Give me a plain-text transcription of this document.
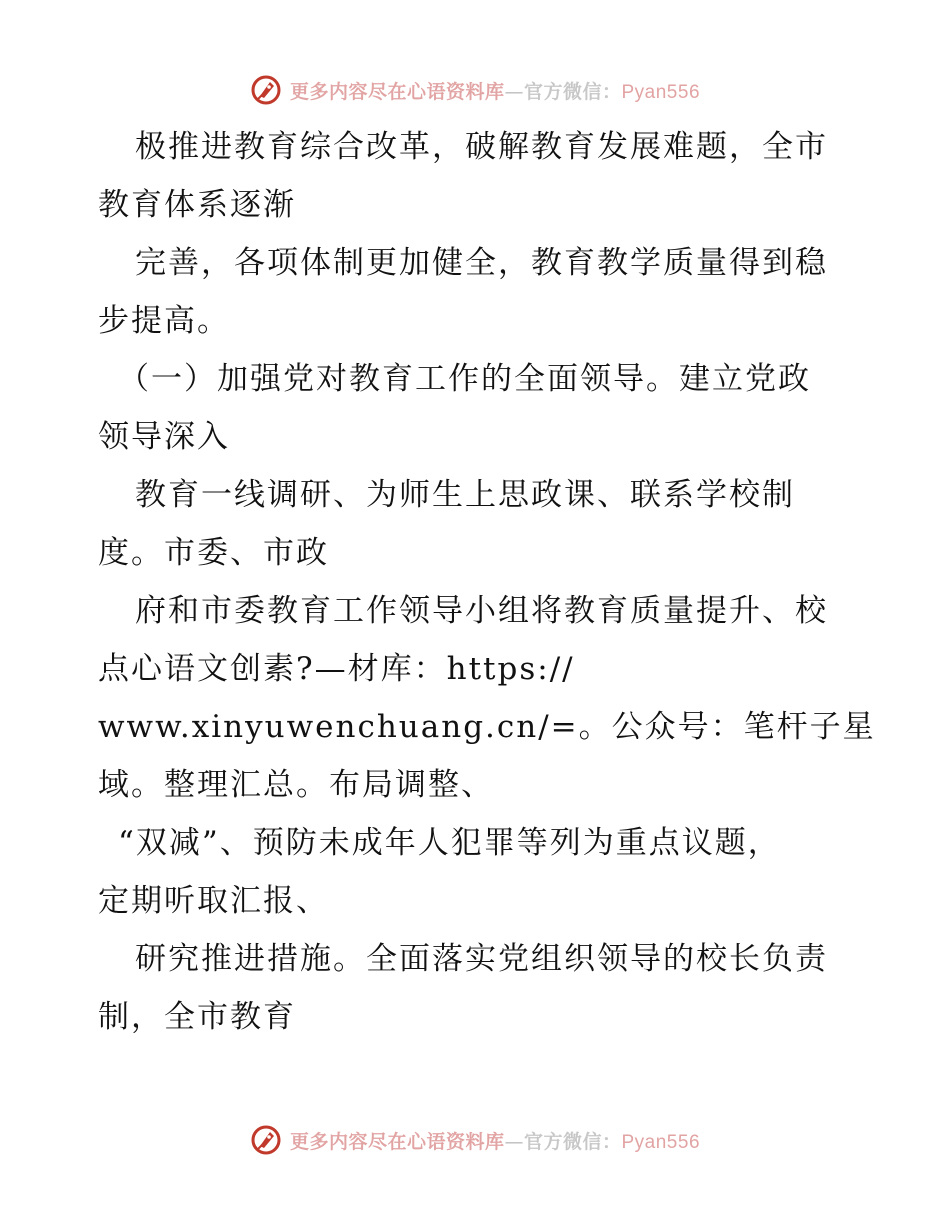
更多内容尽在心语资料库—官方微信：Pyan556
极推进教育综合改革，破解教育发展难题，全市
教育体系逐渐
完善，各项体制更加健全，教育教学质量得到稳
步提高。
（一）加强党对教育工作的全面领导。建立党政
领导深入
教育一线调研、为师生上思政课、联系学校制
度。市委、市政
府和市委教育工作领导小组将教育质量提升、校
点心语文创素?—材库：https://
www.xinyuwenchuang.cn/=。公众号：笔杆子星
域。整理汇总。布局调整、
“双减”、预防未成年人犯罪等列为重点议题，
定期听取汇报、
研究推进措施。全面落实党组织领导的校长负责
制，全市教育
更多内容尽在心语资料库—官方微信：Pyan556
